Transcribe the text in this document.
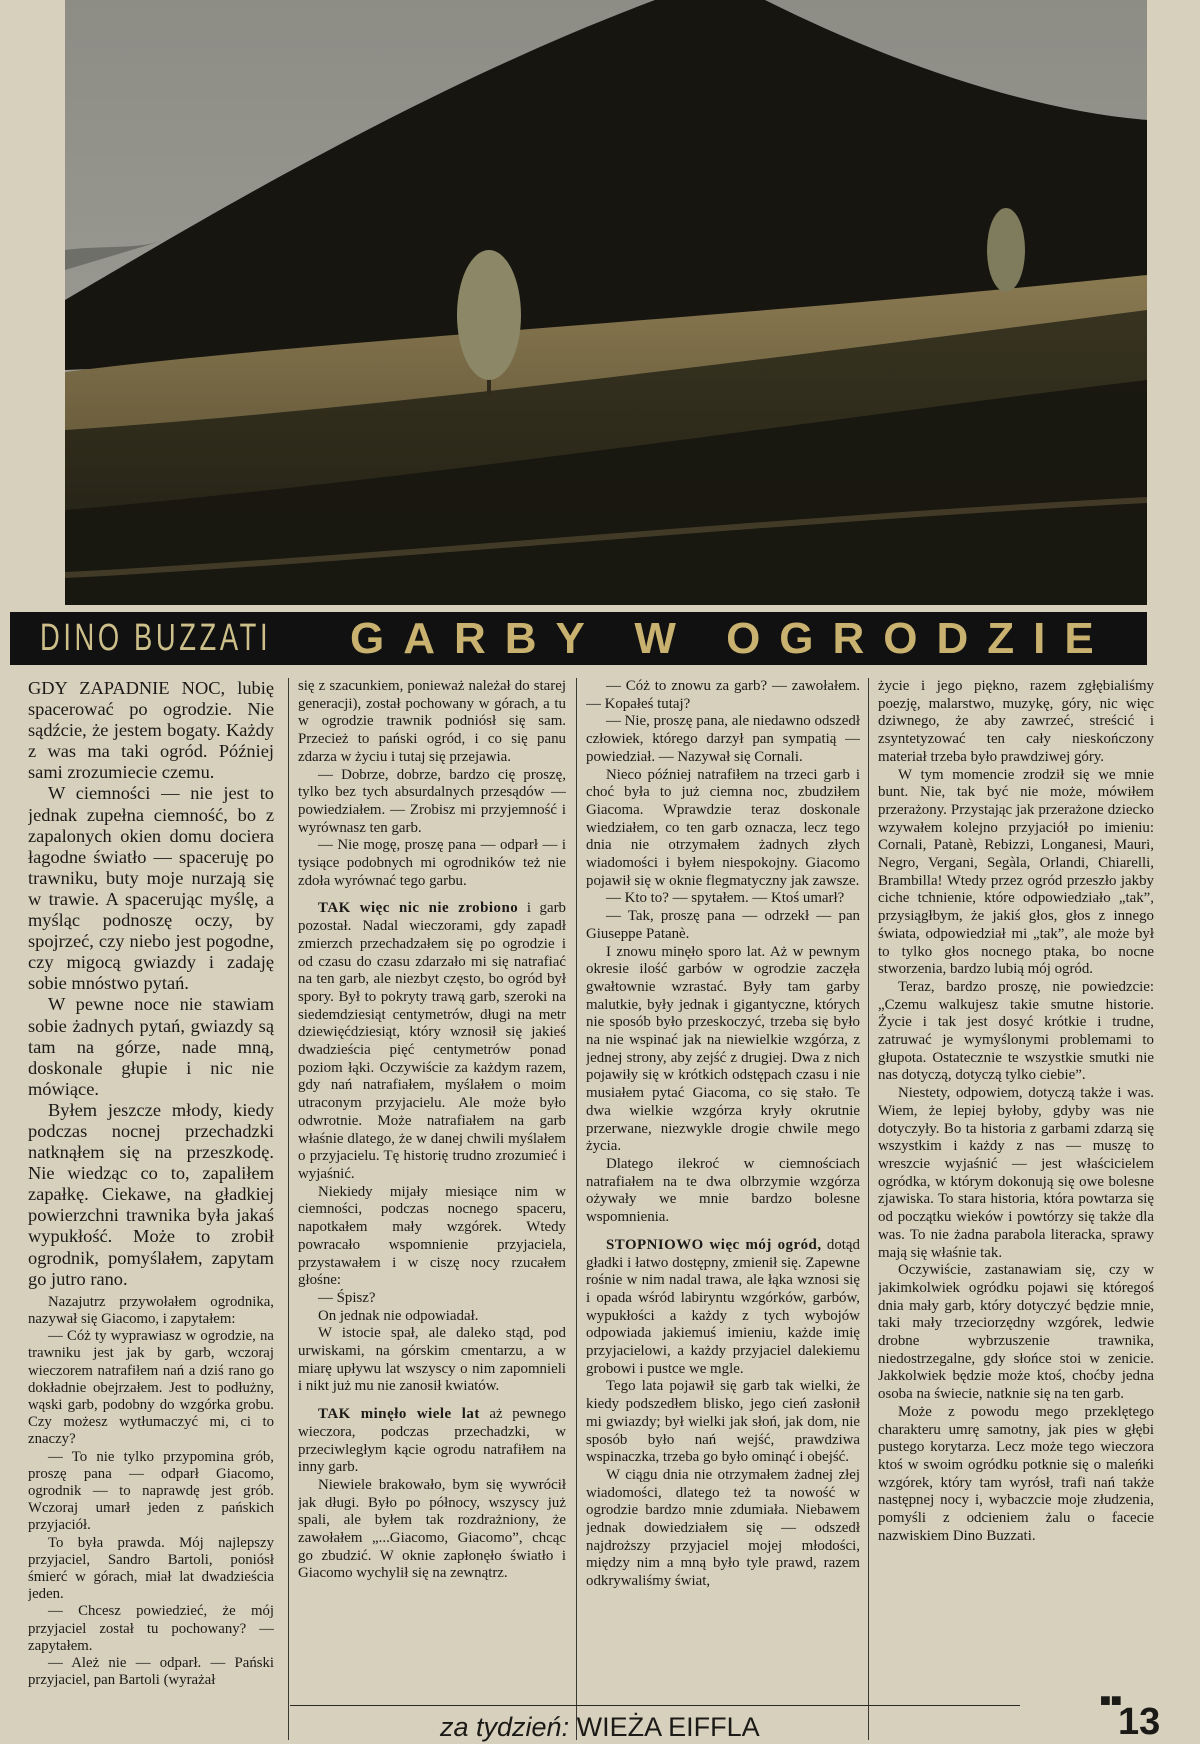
DINO BUZZATI GARBY W OGRODZIE

GDY ZAPADNIE NOC, lubię spacerować po ogrodzie. Nie sądźcie, że jestem bogaty. Każdy z was ma taki ogród. Później sami zrozumiecie czemu.

W ciemności — nie jest to jednak zupełna ciemność, bo z zapalonych okien domu dociera łagodne światło — spaceruję po trawniku, buty moje nurzają się w trawie. A spacerując myślę, a myśląc podnoszę oczy, by spojrzeć, czy niebo jest pogodne, czy migocą gwiazdy i zadaję sobie mnóstwo pytań.

W pewne noce nie stawiam sobie żadnych pytań, gwiazdy są tam na górze, nade mną, doskonale głupie i nic nie mówiące.

Byłem jeszcze młody, kiedy podczas nocnej przechadzki natknąłem się na przeszkodę. Nie wiedząc co to, zapaliłem zapałkę. Ciekawe, na gładkiej powierzchni trawnika była jakaś wypukłość. Może to zrobił ogrodnik, pomyślałem, zapytam go jutro rano.

Nazajutrz przywołałem ogrodnika, nazywał się Giacomo, i zapytałem:

— Cóż ty wyprawiasz w ogrodzie, na trawniku jest jak by garb, wczoraj wieczorem natrafiłem nań a dziś rano go dokładnie obejrzałem. Jest to podłużny, wąski garb, podobny do wzgórka grobu. Czy możesz wytłumaczyć mi, ci to znaczy?

— To nie tylko przypomina grób, proszę pana — odparł Giacomo, ogrodnik — to naprawdę jest grób. Wczoraj umarł jeden z pańskich przyjaciół.

To była prawda. Mój najlepszy przyjaciel, Sandro Bartoli, poniósł śmierć w górach, miał lat dwadzieścia jeden.

— Chcesz powiedzieć, że mój przyjaciel został tu pochowany? — zapytałem.

— Ależ nie — odparł. — Pański przyjaciel, pan Bartoli (wyrażał

się z szacunkiem, ponieważ należał do starej generacji), został pochowany w górach, a tu w ogrodzie trawnik podniósł się sam. Przecież to pański ogród, i co się panu zdarza w życiu i tutaj się przejawia.

— Dobrze, dobrze, bardzo cię proszę, tylko bez tych absurdalnych przesądów — powiedziałem. — Zrobisz mi przyjemność i wyrównasz ten garb.

— Nie mogę, proszę pana — odparł — i tysiące podobnych mi ogrodników też nie zdoła wyrównać tego garbu.

TAK więc nic nie zrobiono i garb pozostał. Nadal wieczorami, gdy zapadł zmierzch przechadzałem się po ogrodzie i od czasu do czasu zdarzało mi się natrafiać na ten garb, ale niezbyt często, bo ogród był spory. Był to pokryty trawą garb, szeroki na siedemdziesiąt centymetrów, długi na metr dziewięćdziesiąt, który wznosił się jakieś dwadzieścia pięć centymetrów ponad poziom łąki. Oczywiście za każdym razem, gdy nań natrafiałem, myślałem o moim utraconym przyjacielu. Ale może było odwrotnie. Może natrafiałem na garb właśnie dlatego, że w danej chwili myślałem o przyjacielu. Tę historię trudno zrozumieć i wyjaśnić.

Niekiedy mijały miesiące nim w ciemności, podczas nocnego spaceru, napotkałem mały wzgórek. Wtedy powracało wspomnienie przyjaciela, przystawałem i w ciszę nocy rzucałem głośne:

— Śpisz?

On jednak nie odpowiadał.

W istocie spał, ale daleko stąd, pod urwiskami, na górskim cmentarzu, a w miarę upływu lat wszyscy o nim zapomnieli i nikt już mu nie zanosił kwiatów.

TAK minęło wiele lat aż pewnego wieczora, podczas przechadzki, w przeciwległym kącie ogrodu natrafiłem na inny garb.

Niewiele brakowało, bym się wywrócił jak długi. Było po północy, wszyscy już spali, ale byłem tak rozdrażniony, że zawołałem „...Giacomo, Giacomo”, chcąc go zbudzić. W oknie zapłonęło światło i Giacomo wychylił się na zewnątrz.

— Cóż to znowu za garb? — zawołałem. — Kopałeś tutaj?

— Nie, proszę pana, ale niedawno odszedł człowiek, którego darzył pan sympatią — powiedział. — Nazywał się Cornali.

Nieco później natrafiłem na trzeci garb i choć była to już ciemna noc, zbudziłem Giacoma. Wprawdzie teraz doskonale wiedziałem, co ten garb oznacza, lecz tego dnia nie otrzymałem żadnych złych wiadomości i byłem niespokojny. Giacomo pojawił się w oknie flegmatyczny jak zawsze.

— Kto to? — spytałem. — Ktoś umarł?

— Tak, proszę pana — odrzekł — pan Giuseppe Patanè.

I znowu minęło sporo lat. Aż w pewnym okresie ilość garbów w ogrodzie zaczęła gwałtownie wzrastać. Były tam garby malutkie, były jednak i gigantyczne, których nie sposób było przeskoczyć, trzeba się było na nie wspinać jak na niewielkie wzgórza, z jednej strony, aby zejść z drugiej. Dwa z nich pojawiły się w krótkich odstępach czasu i nie musiałem pytać Giacoma, co się stało. Te dwa wielkie wzgórza kryły okrutnie przerwane, niezwykle drogie chwile mego życia.

Dlatego ilekroć w ciemnościach natrafiałem na te dwa olbrzymie wzgórza ożywały we mnie bardzo bolesne wspomnienia.

STOPNIOWO więc mój ogród, dotąd gładki i łatwo dostępny, zmienił się. Zapewne rośnie w nim nadal trawa, ale łąka wznosi się i opada wśród labiryntu wzgórków, garbów, wypukłości a każdy z tych wybojów odpowiada jakiemuś imieniu, każde imię przyjacielowi, a każdy przyjaciel dalekiemu grobowi i pustce we mgle.

Tego lata pojawił się garb tak wielki, że kiedy podszedłem blisko, jego cień zasłonił mi gwiazdy; był wielki jak słoń, jak dom, nie sposób było nań wejść, prawdziwa wspinaczka, trzeba go było ominąć i obejść.

W ciągu dnia nie otrzymałem żadnej złej wiadomości, dlatego też ta nowość w ogrodzie bardzo mnie zdumiała. Niebawem jednak dowiedziałem się — odszedł najdroższy przyjaciel mojej młodości, między nim a mną było tyle prawd, razem odkrywaliśmy świat,

życie i jego piękno, razem zgłębialiśmy poezję, malarstwo, muzykę, góry, nic więc dziwnego, że aby zawrzeć, streścić i zsyntetyzować ten cały nieskończony materiał trzeba było prawdziwej góry.

W tym momencie zrodził się we mnie bunt. Nie, tak być nie może, mówiłem przerażony. Przystając jak przerażone dziecko wzywałem kolejno przyjaciół po imieniu: Cornali, Patanè, Rebizzi, Longanesi, Mauri, Negro, Vergani, Segàla, Orlandi, Chiarelli, Brambilla! Wtedy przez ogród przeszło jakby ciche tchnienie, które odpowiedziało „tak”, przysiągłbym, że jakiś głos, głos z innego świata, odpowiedział mi „tak”, ale może był to tylko głos nocnego ptaka, bo nocne stworzenia, bardzo lubią mój ogród.

Teraz, bardzo proszę, nie powiedzcie: „Czemu walkujesz takie smutne historie. Życie i tak jest dosyć krótkie i trudne, zatruwać je wymyślonymi problemami to głupota. Ostatecznie te wszystkie smutki nie nas dotyczą, dotyczą tylko ciebie”.

Niestety, odpowiem, dotyczą także i was. Wiem, że lepiej byłoby, gdyby was nie dotyczyły. Bo ta historia z garbami zdarzą się wszystkim i każdy z nas — muszę to wreszcie wyjaśnić — jest właścicielem ogródka, w którym dokonują się owe bolesne zjawiska. To stara historia, która powtarza się od początku wieków i powtórzy się także dla was. To nie żadna parabola literacka, sprawy mają się właśnie tak.

Oczywiście, zastanawiam się, czy w jakimkolwiek ogródku pojawi się któregoś dnia mały garb, który dotyczyć będzie mnie, taki mały trzeciorzędny wzgórek, ledwie drobne wybrzuszenie trawnika, niedostrzegalne, gdy słońce stoi w zenicie. Jakkolwiek będzie może ktoś, choćby jedna osoba na świecie, natknie się na ten garb.

Może z powodu mego przeklętego charakteru umrę samotny, jak pies w głębi pustego korytarza. Lecz może tego wieczora ktoś w swoim ogródku potknie się o maleńki wzgórek, który tam wyrósł, trafi nań także następnej nocy i, wybaczcie moje złudzenia, pomyśli z odcieniem żalu o facecie nazwiskiem Dino Buzzati.

■■
za tydzień: WIEŻA EIFFLA	13
